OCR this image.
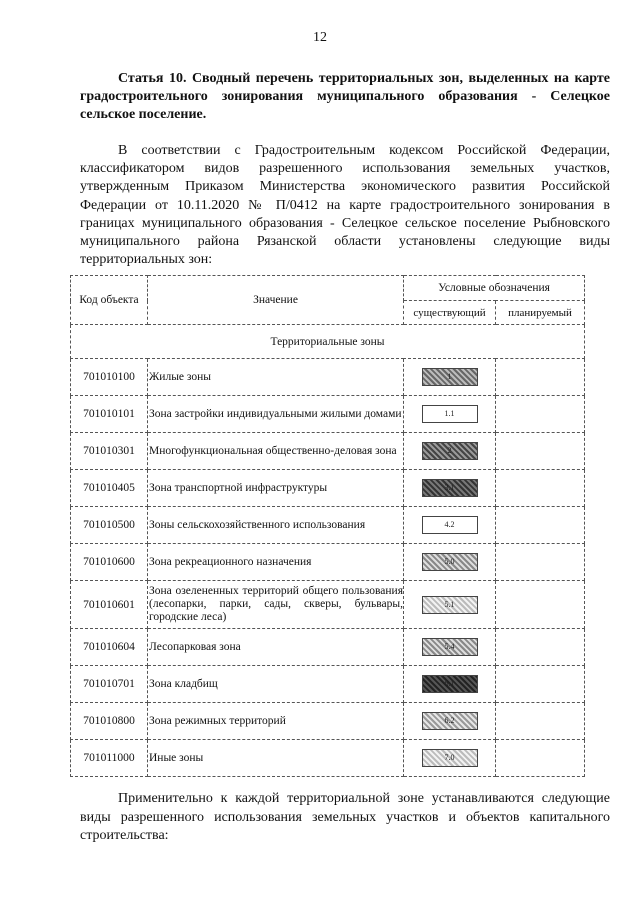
12
Статья 10. Сводный перечень территориальных зон, выделенных на карте градостроительного зонирования муниципального образования - Селецкое сельское поселение.
В соответствии с Градостроительным кодексом Российской Федерации, классификатором видов разрешенного использования земельных участков, утвержденным Приказом Министерства экономического развития Российской Федерации от 10.11.2020 № П/0412 на карте градостроительного зонирования в границах муниципального образования - Селецкое сельское поселение Рыбновского муниципального района Рязанской области установлены следующие виды территориальных зон:
Код объекта	Значение	Условные обозначения	
		существующий	планируемый
Территориальные зоны			
701010100	Жилые зоны	1	
701010101	Зона застройки индивидуальными жилыми домами	1.1	
701010301	Многофункциональная общественно-деловая зона	2	
701010405	Зона транспортной инфраструктуры	3.1	
701010500	Зоны сельскохозяйственного использования	4.2	
701010600	Зона рекреационного назначения	5.0	
701010601	Зона озелененных территорий общего пользования (лесопарки, парки, сады, скверы, бульвары, городские леса)	5.1	
701010604	Лесопарковая зона	5.4	
701010701	Зона кладбищ	6.1	
701010800	Зона режимных территорий	6.2	
701011000	Иные зоны	7.0	
Применительно к каждой территориальной зоне устанавливаются следующие виды разрешенного использования земельных участков и объектов капитального строительства:
